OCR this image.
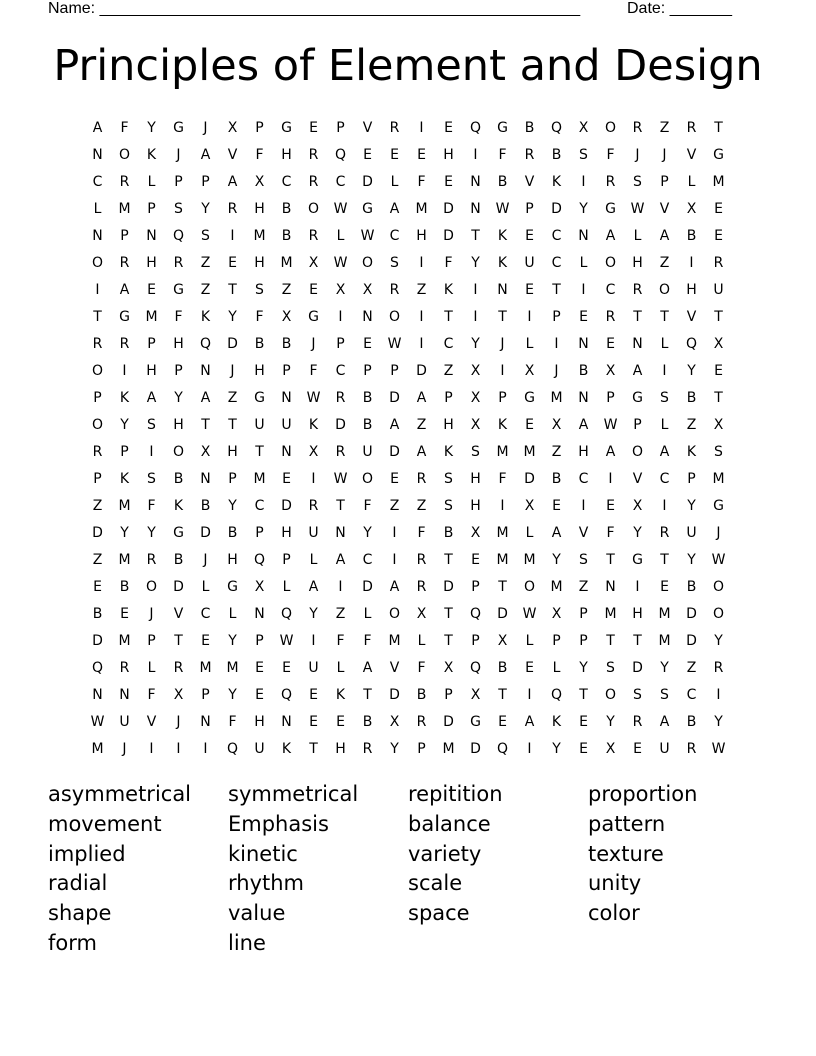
Name: ______________________________________________________

	Date: _______

Principles of Element and Design
A	F	Y	G	J	X	P	G	E	P	V	R	I	E	Q	G	B	Q	X	O	R	Z	R	T
N	O	K	J	A	V	F	H	R	Q	E	E	E	H	I	F	R	B	S	F	J	J	V	G
C	R	L	P	P	A	X	C	R	C	D	L	F	E	N	B	V	K	I	R	S	P	L	M
L	M	P	S	Y	R	H	B	O	W	G	A	M	D	N	W	P	D	Y	G	W	V	X	E
N	P	N	Q	S	I	M	B	R	L	W	C	H	D	T	K	E	C	N	A	L	A	B	E
O	R	H	R	Z	E	H	M	X	W	O	S	I	F	Y	K	U	C	L	O	H	Z	I	R
I	A	E	G	Z	T	S	Z	E	X	X	R	Z	K	I	N	E	T	I	C	R	O	H	U
T	G	M	F	K	Y	F	X	G	I	N	O	I	T	I	T	I	P	E	R	T	T	V	T
R	R	P	H	Q	D	B	B	J	P	E	W	I	C	Y	J	L	I	N	E	N	L	Q	X
O	I	H	P	N	J	H	P	F	C	P	P	D	Z	X	I	X	J	B	X	A	I	Y	E
P	K	A	Y	A	Z	G	N	W	R	B	D	A	P	X	P	G	M	N	P	G	S	B	T
O	Y	S	H	T	T	U	U	K	D	B	A	Z	H	X	K	E	X	A	W	P	L	Z	X
R	P	I	O	X	H	T	N	X	R	U	D	A	K	S	M	M	Z	H	A	O	A	K	S
P	K	S	B	N	P	M	E	I	W	O	E	R	S	H	F	D	B	C	I	V	C	P	M
Z	M	F	K	B	Y	C	D	R	T	F	Z	Z	S	H	I	X	E	I	E	X	I	Y	G
D	Y	Y	G	D	B	P	H	U	N	Y	I	F	B	X	M	L	A	V	F	Y	R	U	J
Z	M	R	B	J	H	Q	P	L	A	C	I	R	T	E	M	M	Y	S	T	G	T	Y	W
E	B	O	D	L	G	X	L	A	I	D	A	R	D	P	T	O	M	Z	N	I	E	B	O
B	E	J	V	C	L	N	Q	Y	Z	L	O	X	T	Q	D	W	X	P	M	H	M	D	O
D	M	P	T	E	Y	P	W	I	F	F	M	L	T	P	X	L	P	P	T	T	M	D	Y
Q	R	L	R	M	M	E	E	U	L	A	V	F	X	Q	B	E	L	Y	S	D	Y	Z	R
N	N	F	X	P	Y	E	Q	E	K	T	D	B	P	X	T	I	Q	T	O	S	S	C	I
W	U	V	J	N	F	H	N	E	E	B	X	R	D	G	E	A	K	E	Y	R	A	B	Y
M	J	I	I	I	Q	U	K	T	H	R	Y	P	M	D	Q	I	Y	E	X	E	U	R	W
asymmetrical	symmetrical	repitition	proportion
movement	Emphasis	balance	pattern
implied	kinetic	variety	texture
radial	rhythm	scale	unity
shape	value	space	color
form	line
